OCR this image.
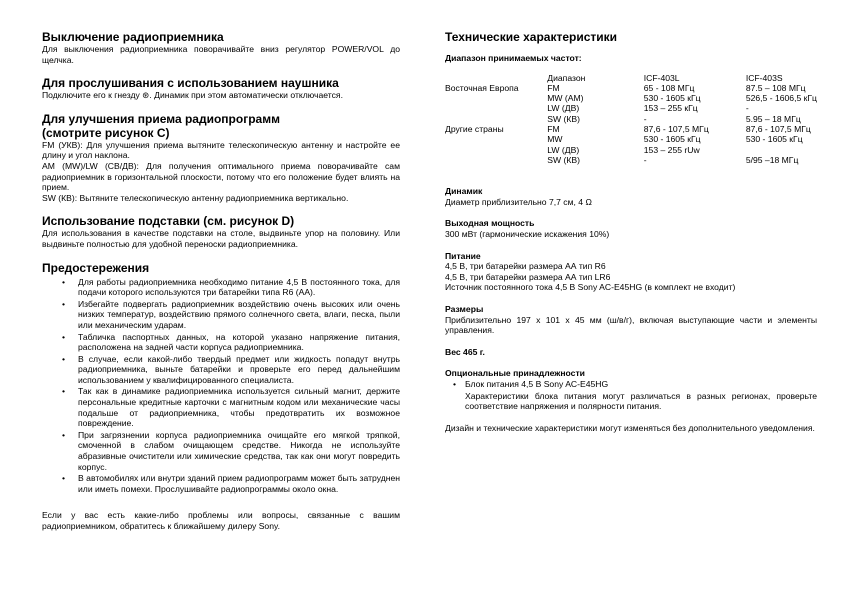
Выключение радиоприемника

Для выключения радиоприемника поворачивайте вниз регулятор POWER/VOL до щелчка.

Для прослушивания с использованием наушника

Подключите его к гнезду ⊛. Динамик при этом автоматически отключается.

Для улучшения приема радиопрограмм

(смотрите рисунок C)

FM (УКВ): Для улучшения приема вытяните телескопическую антенну и настройте ее длину и угол наклона.

AM (MW)/LW (СВ/ДВ): Для получения оптимального приема поворачивайте сам радиоприемник в горизонтальной плоскости, потому что его положение будет влиять на прием.

SW (КВ): Вытяните телескопическую антенну радиоприемника вертикально.

Использование подставки (см. рисунок D)

Для использования в качестве подставки на столе, выдвиньте упор на половину. Или выдвиньте полностью для удобной переноски радиоприемника.

Предостережения

• Для работы радиоприемника необходимо питание 4,5 В постоянного тока, для подачи которого используются три батарейки типа R6 (AA).
• Избегайте подвергать радиоприемник воздействию очень высоких или очень низких температур, воздействию прямого солнечного света, влаги, песка, пыли или механическим ударам.
• Табличка паспортных данных, на которой указано напряжение питания, расположена на задней части корпуса радиоприемника.
• В случае, если какой-либо твердый предмет или жидкость попадут внутрь радиоприемника, выньте батарейки и проверьте его перед дальнейшим использованием у квалифицированного специалиста.
• Так как в динамике радиоприемника используется сильный магнит, держите персональные кредитные карточки с магнитным кодом или механические часы подальше от радиоприемника, чтобы предотвратить их возможное повреждение.
• При загрязнении корпуса радиоприемника очищайте его мягкой тряпкой, смоченной в слабом очищающем средстве. Никогда не используйте абразивные очистители или химические средства, так как они могут повредить корпус.
• В автомобилях или внутри зданий прием радиопрограмм может быть затруднен или иметь помехи. Прослушивайте радиопрограммы около окна.

Если у вас есть какие-либо проблемы или вопросы, связанные с вашим радиоприемником, обратитесь к ближайшему дилеру Sony.

Технические характеристики

Диапазон принимаемых частот:

	Диапазон	ICF-403L	ICF-403S
Восточная Европа	FM	65 - 108 МГц	87.5 – 108 МГц
	MW (AM)	530 - 1605 кГц	526,5 - 1606,5 кГц
	LW (ДВ)	153 – 255 кГц	-
	SW (КВ)	-	5.95 – 18 МГц
Другие страны	FM	87,6 - 107,5 МГц	87,6 - 107,5 МГц
	MW	530 - 1605 кГц	530 - 1605 кГц
	LW (ДВ)	153 – 255 rUw	
	SW (КВ)	-	5/95 –18 МГц

Динамик

Диаметр приблизительно 7,7 см, 4 Ω

Выходная мощность

300 мВт (гармонические искажения 10%)

Питание

4,5 В, три батарейки размера АА тип R6

4,5 В, три батарейки размера АА тип LR6

Источник постоянного тока 4,5 В Sony AC-E45HG (в комплект не входит)

Размеры

Приблизительно 197 x 101 x 45 мм (ш/в/г), включая выступающие части и элементы управления.

Вес 465 г.

Опциональные принадлежности

• Блок питания 4,5 В Sony AC-E45HG

Характеристики блока питания могут различаться в разных регионах, проверьте соответствие напряжения и полярности питания.

Дизайн и технические характеристики могут изменяться без дополнительного уведомления.
